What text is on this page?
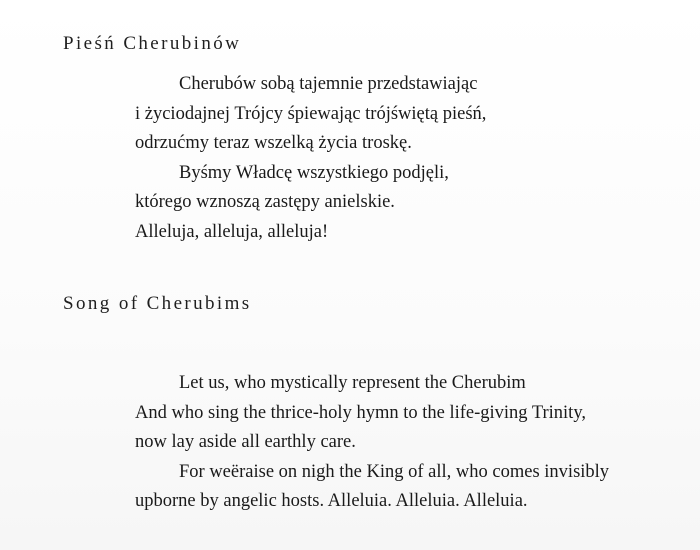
Pieśń Cherubinów

Cherubów sobą tajemnie przedstawiając
i życiodajnej Trójcy śpiewając trójświętą pieśń,
odrzućmy teraz wszelką życia troskę.
Byśmy Władcę wszystkiego podjęli,
którego wznoszą zastępy anielskie.
Alleluja, alleluja, alleluja!

Song of Cherubims

Let us, who mystically represent the Cherubim
And who sing the thrice-holy hymn to the life-giving Trinity,
now lay aside all earthly care.
For weëraise on nigh the King of all, who comes invisibly
upborne by angelic hosts. Alleluia. Alleluia. Alleluia.
